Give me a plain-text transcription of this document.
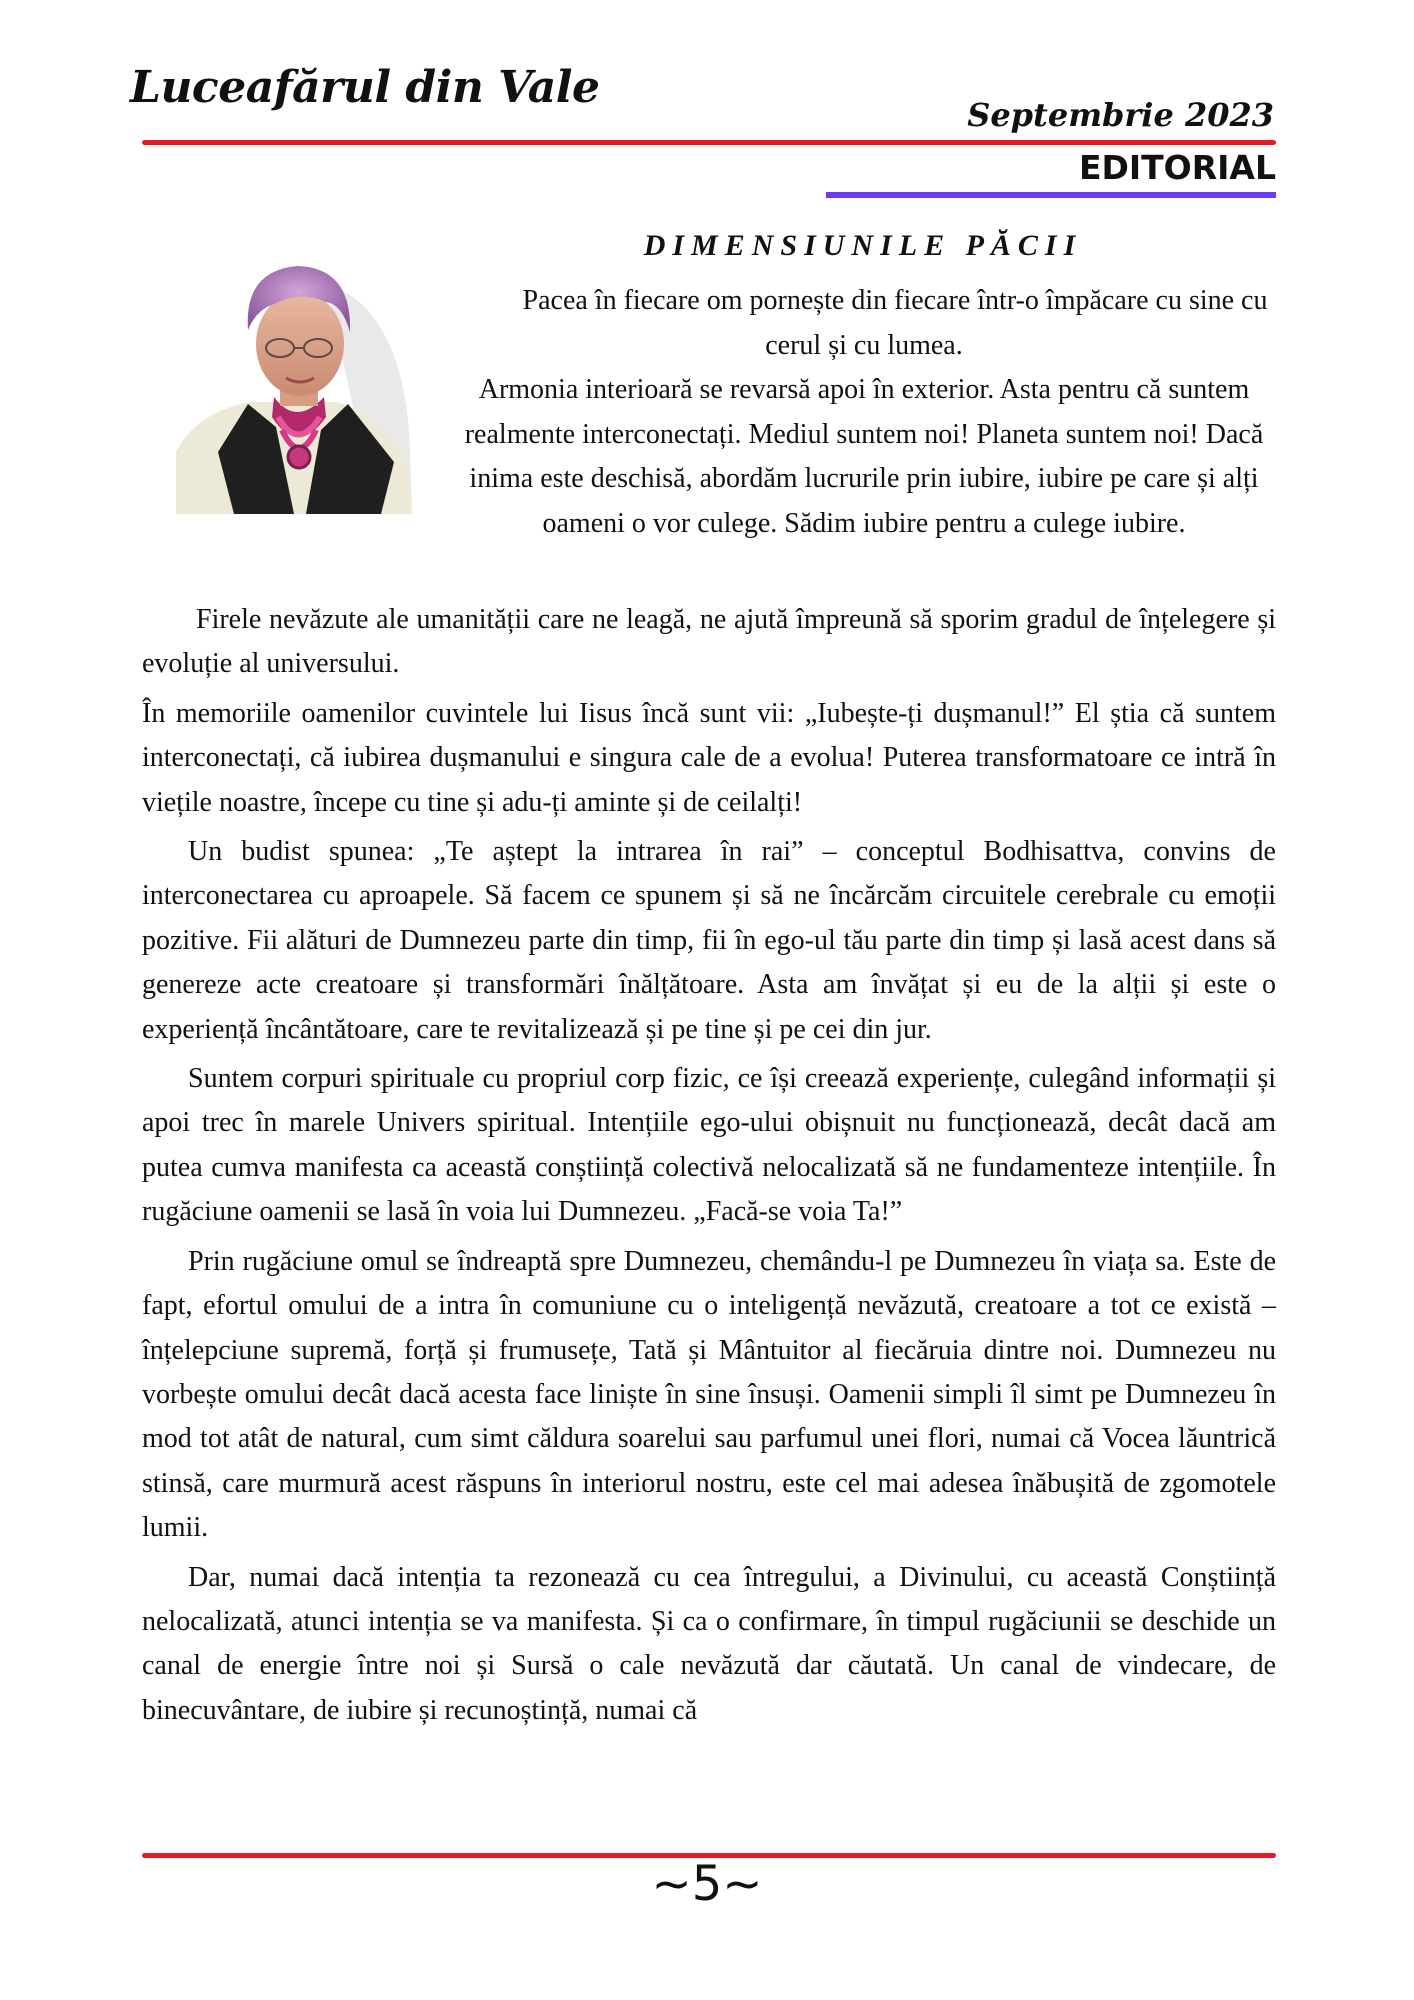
Luceafărul din Vale
Septembrie 2023
EDITORIAL
DIMENSIUNILE PĂCII

Pacea în fiecare om pornește din fiecare într-o împăcare cu sine cu cerul și cu lumea.

Armonia interioară se revarsă apoi în exterior. Asta pentru că suntem realmente interconectați. Mediul suntem noi! Planeta suntem noi! Dacă inima este deschisă, abordăm lucrurile prin iubire, iubire pe care și alți oameni o vor culege. Sădim iubire pentru a culege iubire.

Firele nevăzute ale umanității care ne leagă, ne ajută împreună să sporim gradul de înțelegere și evoluție al universului.

În memoriile oamenilor cuvintele lui Iisus încă sunt vii: „Iubește-ți dușmanul!” El știa că suntem interconectați, că iubirea dușmanului e singura cale de a evolua! Puterea transformatoare ce intră în viețile noastre, începe cu tine și adu-ți aminte și de ceilalți!

Un budist spunea: „Te aștept la intrarea în rai” – conceptul Bodhisattva, convins de interconectarea cu aproapele. Să facem ce spunem și să ne încărcăm circuitele cerebrale cu emoții pozitive. Fii alături de Dumnezeu parte din timp, fii în ego-ul tău parte din timp și lasă acest dans să genereze acte creatoare și transformări înălțătoare. Asta am învățat și eu de la alții și este o experiență încântătoare, care te revitalizează și pe tine și pe cei din jur.

Suntem corpuri spirituale cu propriul corp fizic, ce își creează experiențe, culegând informații și apoi trec în marele Univers spiritual. Intențiile ego-ului obișnuit nu funcționează, decât dacă am putea cumva manifesta ca această conștiință colectivă nelocalizată să ne fundamenteze intențiile. În rugăciune oamenii se lasă în voia lui Dumnezeu. „Facă-se voia Ta!”

Prin rugăciune omul se îndreaptă spre Dumnezeu, chemându-l pe Dumnezeu în viața sa. Este de fapt, efortul omului de a intra în comuniune cu o inteligență nevăzută, creatoare a tot ce există – înțelepciune supremă, forță și frumusețe, Tată și Mântuitor al fiecăruia dintre noi. Dumnezeu nu vorbește omului decât dacă acesta face liniște în sine însuși. Oamenii simpli îl simt pe Dumnezeu în mod tot atât de natural, cum simt căldura soarelui sau parfumul unei flori, numai că Vocea lăuntrică stinsă, care murmură acest răspuns în interiorul nostru, este cel mai adesea înăbușită de zgomotele lumii.

Dar, numai dacă intenția ta rezonează cu cea întregului, a Divinului, cu această Conștiință nelocalizată, atunci intenția se va manifesta. Și ca o confirmare, în timpul rugăciunii se deschide un canal de energie între noi și Sursă o cale nevăzută dar căutată. Un canal de vindecare, de binecuvântare, de iubire și recunoștință, numai că

~5~
